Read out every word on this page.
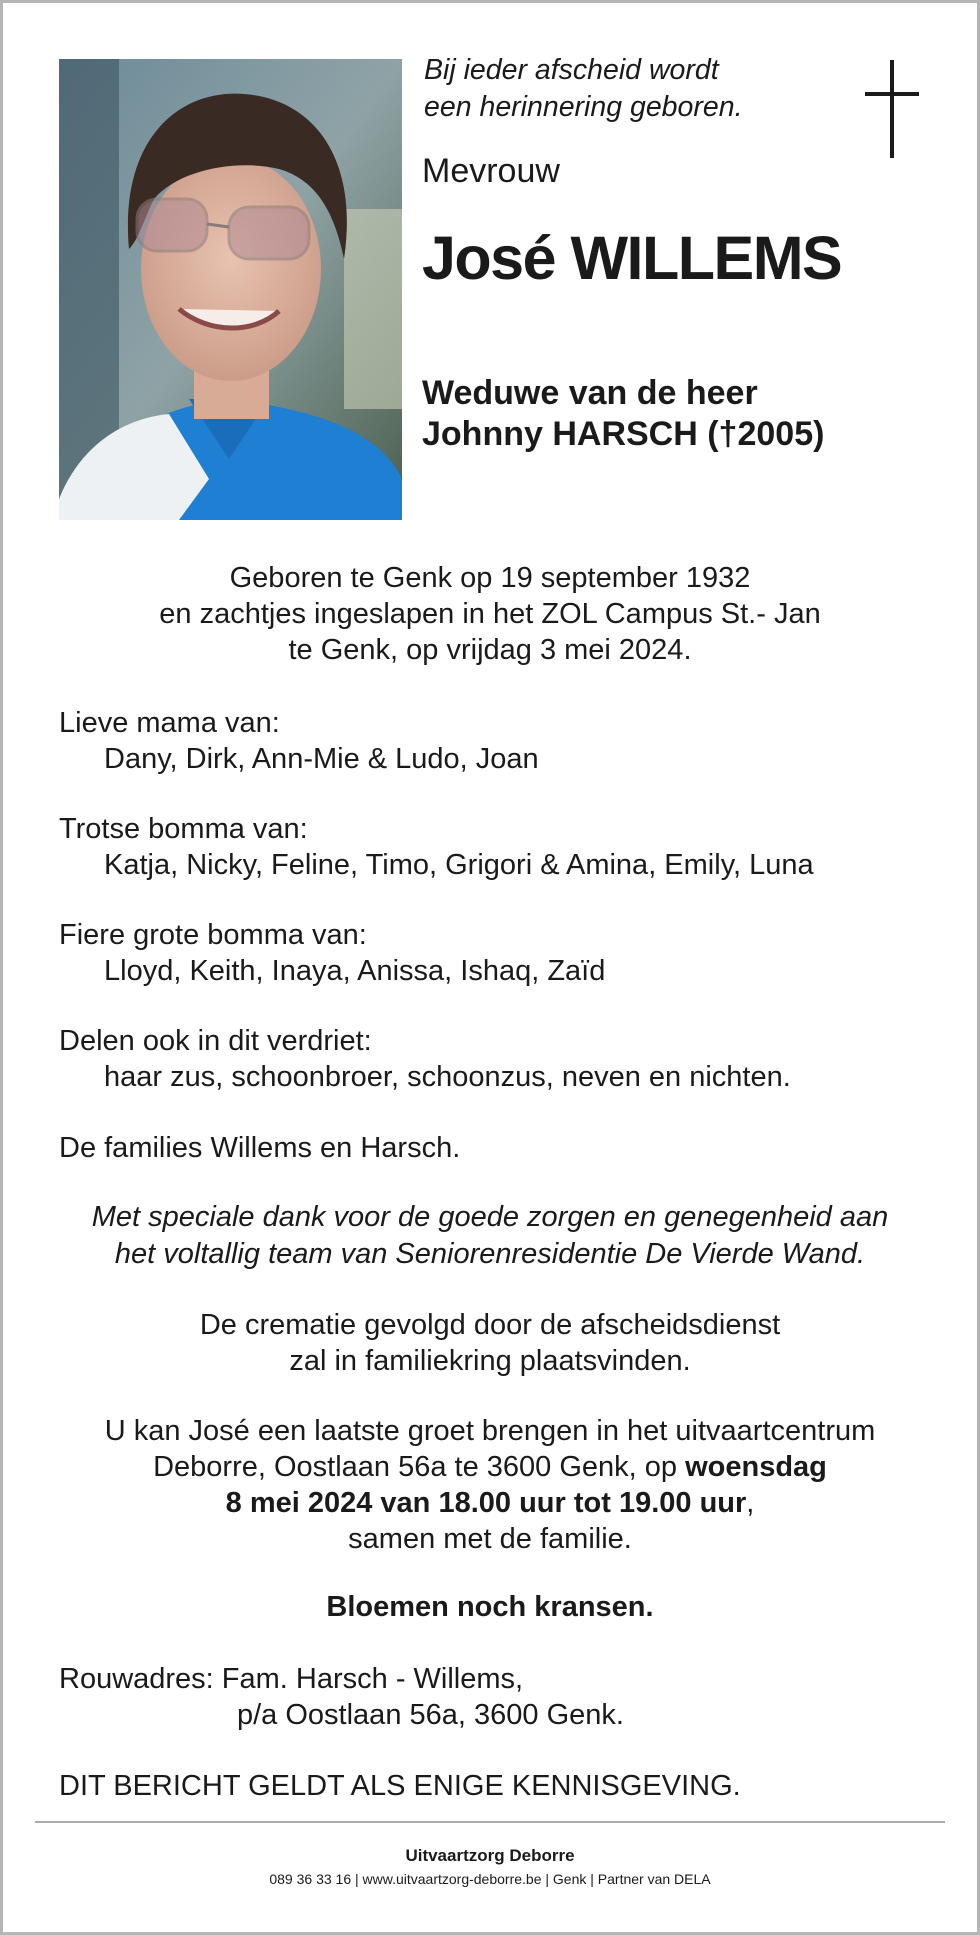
Bij ieder afscheid wordt
een herinnering geboren.
Mevrouw
José WILLEMS
Weduwe van de heer
Johnny HARSCH (†2005)
Geboren te Genk op 19 september 1932
en zachtjes ingeslapen in het ZOL Campus St.- Jan
te Genk, op vrijdag 3 mei 2024.
Lieve mama van:
Dany, Dirk, Ann-Mie & Ludo, Joan
Trotse bomma van:
Katja, Nicky, Feline, Timo, Grigori & Amina, Emily, Luna
Fiere grote bomma van:
Lloyd, Keith, Inaya, Anissa, Ishaq, Zaïd
Delen ook in dit verdriet:
haar zus, schoonbroer, schoonzus, neven en nichten.
De families Willems en Harsch.
Met speciale dank voor de goede zorgen en genegenheid aan
het voltallig team van Seniorenresidentie De Vierde Wand.
De crematie gevolgd door de afscheidsdienst
zal in familiekring plaatsvinden.
U kan José een laatste groet brengen in het uitvaartcentrum
Deborre, Oostlaan 56a te 3600 Genk, op woensdag
8 mei 2024 van 18.00 uur tot 19.00 uur,
samen met de familie.
Bloemen noch kransen.
Rouwadres: Fam. Harsch - Willems,
p/a Oostlaan 56a, 3600 Genk.
DIT BERICHT GELDT ALS ENIGE KENNISGEVING.
Uitvaartzorg Deborre
089 36 33 16 | www.uitvaartzorg-deborre.be | Genk | Partner van DELA
